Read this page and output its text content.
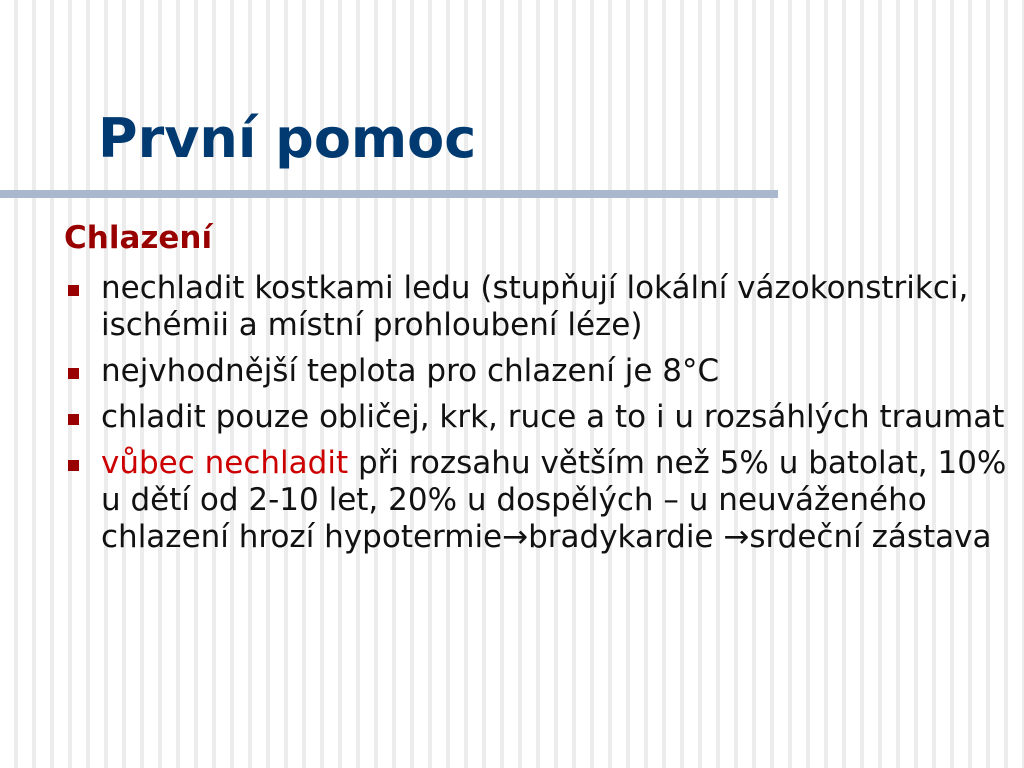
První pomoc
Chlazení
nechladit kostkami ledu (stupňují lokální vázokonstrikci, ischémii a místní prohloubení léze)
nejvhodnější teplota pro chlazení je 8°C
chladit pouze obličej, krk, ruce a to i u rozsáhlých traumat
vůbec nechladit při rozsahu větším než 5% u batolat, 10% u dětí od 2-10 let, 20% u dospělých – u neuváženého chlazení hrozí hypotermie→bradykardie →srdeční zástava
